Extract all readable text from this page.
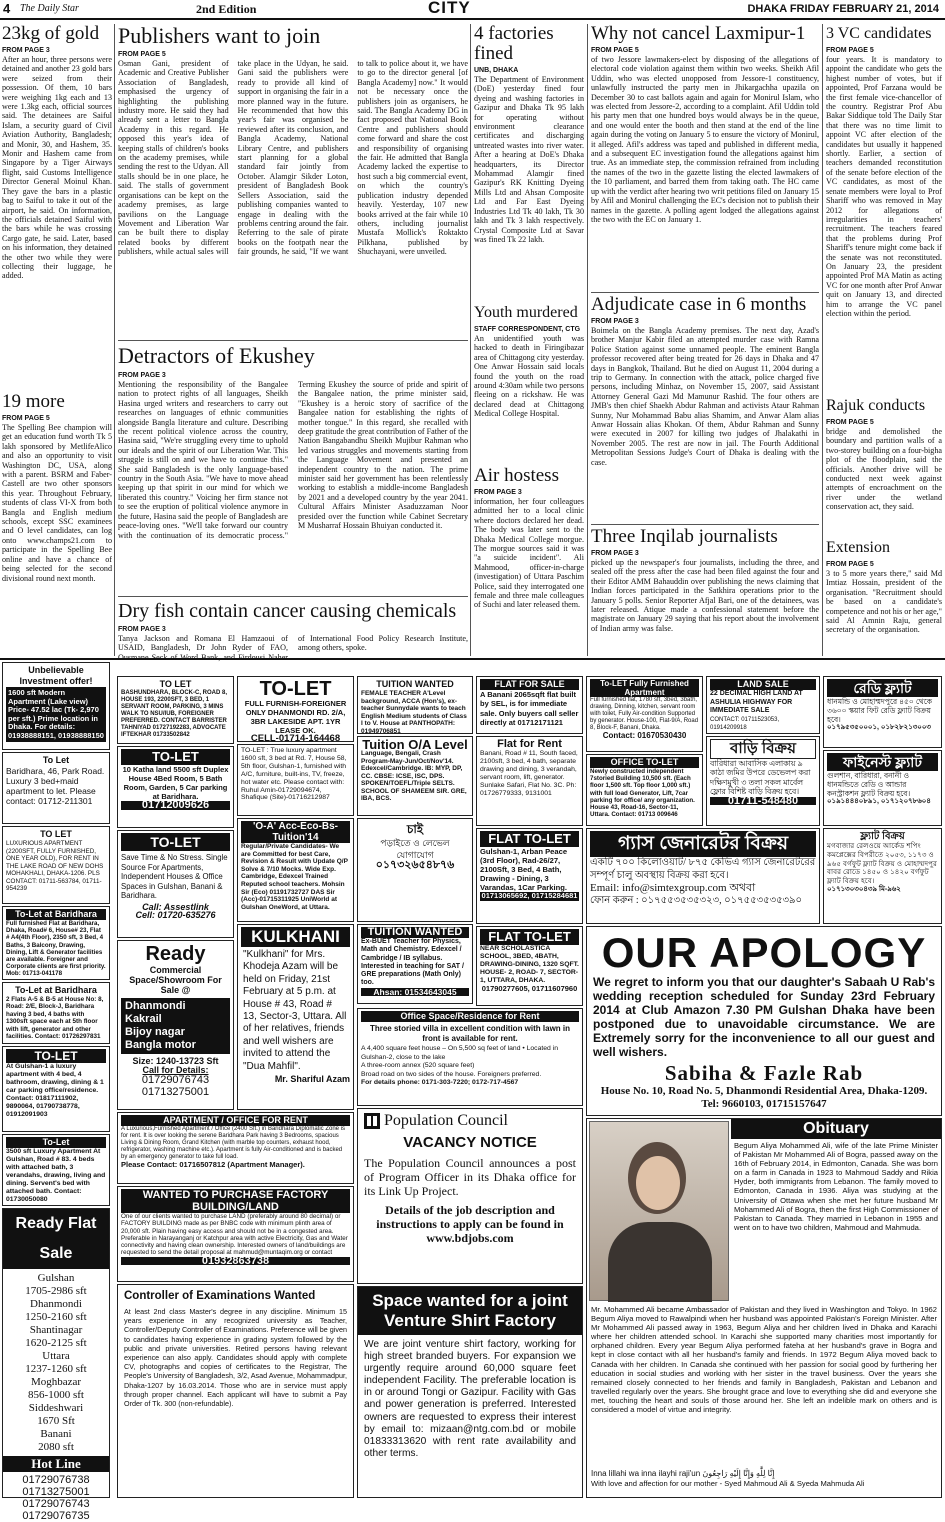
4 The Daily Star	2nd Edition	CITY	DHAKA FRIDAY FEBRUARY 21, 2014
23kg of gold
FROM PAGE 3
After an hour, three persons were detained and another 23 gold bars were seized from their possession. Of them, 10 bars were weighing 1kg each and 13 were 1.3kg each, official sources said. The detainees are Saiful Islam, a security guard of Civil Aviation Authority, Bangladesh; and Monir, 30, and Hashem, 35. Monir and Hashem came from Singapore by a Tiger Airways flight, said Customs Intelligence Director General Moinul Khan. They gave the bars in a plastic bag to Saiful to take it out of the airport, he said. On information, the officials detained Saiful with the bars while he was crossing Cargo gate, he said. Later, based on his information, they detained the other two while they were collecting their luggage, he added.
19 more
FROM PAGE 5
The Spelling Bee champion will get an education fund worth Tk 5 lakh sponsored by MetlifeAlico and also an opportunity to visit Washington DC, USA, along with a parent. BSRM and Faber-Castell are two other sponsors this year. Throughout February, students of class VI-X from both Bangla and English medium schools, except SSC examinees and O level candidates, can log onto www.champs21.com to participate in the Spelling Bee online and have a chance of being selected for the second divisional round next month.
Publishers want to join
FROM PAGE 5
Osman Gani, president of Academic and Creative Publisher Association of Bangladesh, emphasised the urgency of highlighting the publishing industry more. He said they had already sent a letter to Bangla Academy in this regard. He opposed this year's idea of keeping stalls of children's books on the academy premises, while sending the rest to the Udyan. All stalls should be in one place, he said. The stalls of government organisations can be kept on the academy premises, as large pavilions on the Language Movement and Liberation War can be built there to display related books by different publishers, while actual sales will take place in the Udyan, he said. Gani said the publishers were ready to provide all kind of support in organising the fair in a more planned way in the future. He recommended that how this year's fair was organised be reviewed after its conclusion, and Bangla Academy, National Library Centre, and publishers start planning for a global standard fair jointly from October. Alamgir Sikder Loton, president of Bangladesh Book Sellers Association, said the publishing companies wanted to engage in dealing with the problems centring around the fair. Referring to the sale of pirate books on the footpath near the fair grounds, he said, "If we want to talk to police about it, we have to go to the director general [of Bangla Academy] now." It would not be necessary once the publishers join as organisers, he said. The Bangla Academy DG in fact proposed that National Book Centre and publishers should come forward and share the cost and responsibility of organising the fair. He admitted that Bangla Academy lacked the expertise to host such a big commercial event, on which the country's publication industry depended heavily. Yesterday, 107 new books arrived at the fair while 10 others, including journalist Mustafa Mollick's Roktakto Pilkhana, published by Shuchayani, were unveiled.
Detractors of Ekushey
FROM PAGE 3
Mentioning the responsibility of the Bangalee nation to protect rights of all languages, Sheikh Hasina urged writers and researchers to carry out researches on languages of ethnic communities alongside Bangla literature and culture. Describing the recent political violence across the country, Hasina said, "We're struggling every time to uphold our ideals and the spirit of our Liberation War. This struggle is still on and we have to continue this." She said Bangladesh is the only language-based country in the South Asia. "We have to move ahead keeping up that spirit in our mind for which we liberated this country." Voicing her firm stance not to see the eruption of political violence anymore in the future, Hasina said the people of Bangladesh are peace-loving ones. "We'll take forward our country with the continuation of its democratic process." Terming Ekushey the source of pride and spirit of the Bangalee nation, the prime minister said, "Ekushey is a heroic story of sacrifice of the Bangalee nation for establishing the rights of mother tongue." In this regard, she recalled with deep gratitude the great contribution of Father of the Nation Bangabandhu Sheikh Mujibur Rahman who led various struggles and movements starting from the Language Movement and presented an independent country to the nation. The prime minister said her government has been relentlessly working to establish a middle-income Bangladesh by 2021 and a developed country by the year 2041. Cultural Affairs Minister Asaduzzaman Noor presided over the function while Cabinet Secretary M Musharraf Hossain Bhuiyan conducted it.
Dry fish contain cancer causing chemicals
FROM PAGE 3
Tanya Jackson and Romana El Hamzaoui of USAID, Bangladesh, Dr John Ryder of FAO, of International Food Policy Research Institute, among others, spoke.
4 factories fined
UNB, DHAKA
The Department of Environment (DoE) yesterday fined four dyeing and washing factories in Gazipur and Dhaka Tk 95 lakh for operating without environment clearance certificates and discharging untreated wastes into river water. After a hearing at DoE's Dhaka headquarters, its Director Mohammad Alamgir fined Gazipur's RK Knitting Dyeing Mills Ltd and Ahsan Composite Ltd and Far East Dyeing Industries Ltd Tk 40 lakh, Tk 30 lakh and Tk 3 lakh respectively. Crystal Composite Ltd at Savar was fined Tk 22 lakh.
Youth murdered
STAFF CORRESPONDENT, CTG
An unidentified youth was hacked to death in Firingibazar area of Chittagong city yesterday. One Anwar Hossain said locals found the youth on the road around 4:30am while two persons fleeing on a rickshaw. He was declared dead at Chittagong Medical College Hospital.
Air hostess
FROM PAGE 3
information, her four colleagues admitted her to a local clinic where doctors declared her dead. The body was later sent to the Dhaka Medical College morgue. The morgue sources said it was "a suicide incident". Ali Mahmood, officer-in-charge (investigation) of Uttara Paschim Police, said they interrogated one female and three male colleagues of Suchi and later released them.
Why not cancel Laxmipur-1
FROM PAGE 5
of two Jessore lawmakers-elect by disposing of the allegations of electoral code violation against them within two weeks. Sheikh Afil Uddin, who was elected unopposed from Jessore-1 constituency, unlawfully instructed the party men in Jhikargachha upazila on December 30 to cast ballots again and again for Monirul Islam, who was elected from Jessore-2, according to a complaint. Afil Uddin told his party men that one hundred boys would always be in the queue, and one would enter the booth and then stand at the end of the line again during the voting on January 5 to ensure the victory of Monirul, it alleged. Afil's address was taped and published in different media, and a subsequent EC investigation found the allegations against him true. As an immediate step, the commission refrained from including the names of the two in the gazette listing the elected lawmakers of the 10 parliament, and barred them from taking oath. The HC came up with the verdict after hearing two writ petitions filed on January 15 by Afil and Monirul challenging the EC's decision not to publish their names in the gazette. A polling agent lodged the allegations against the two with the EC on January 1.
Adjudicate case in 6 months
FROM PAGE 3
Boimela on the Bangla Academy premises. The next day, Azad's brother Manjur Kabir filed an attempted murder case with Ramna Police Station against some unnamed people. The eminent Bangla professor recovered after being treated for 26 days in Dhaka and 47 days in Bangkok, Thailand. But he died on August 11, 2004 during a trip to Germany. In connection with the attack, police charged five persons, including Minhaz, on November 15, 2007, said Assistant Attorney General Gazi Md Mamunur Rashid. The four others are JMB's then chief Shaekh Abdur Rahman and activists Ataur Rahman Sunny, Nur Mohammad Babu alias Shamim, and Anwar Alam alias Anwar Hossain alias Khokan. Of them, Abdur Rahman and Sunny were executed in 2007 for killing two judges of Jhalakathi in November 2005. The rest are now in jail. The Fourth Additional Metropolitan Sessions Judge's Court of Dhaka is dealing with the case.
Three Inqilab journalists
FROM PAGE 3
picked up the newspaper's four journalists, including the three, and sealed off the press after the case had been filed against the four and their Editor AMM Bahauddin over publishing the news claiming that Indian forces participated in the Satkhira operations prior to the January 5 polls. Senior Reporter Afjal Bari, one of the detainees, was later released. Atique made a confessional statement before the magistrate on January 29 saying that his report about the involvement of Indian army was false.
3 VC candidates
FROM PAGE 5
four years. It is mandatory to appoint the candidate who gets the highest number of votes, but if appointed, Prof Farzana would be the first female vice-chancellor of the country. Registrar Prof Abu Bakar Siddique told The Daily Star that there was no time limit to appoint VC after election of the candidates but usually it happened shortly. Earlier, a section of teachers demanded reconstitution of the senate before election of the VC candidates, as most of the senate members were loyal to Prof Shariff who was removed in May 2012 for allegations of irregularities in teachers' recruitment. The teachers feared that the problems during Prof Shariff's tenure might come back if the senate was not reconstituted. On January 23, the president appointed Prof MA Matin as acting VC for one month after Prof Anwar quit on January 13, and directed him to arrange the VC panel election within the period.
Rajuk conducts
FROM PAGE 5
bridge and demolished the boundary and partition walls of a two-storey building on a four-bigha plot of the floodplain, said the officials. Another drive will be conducted next week against attempts of encroachment on the river under the wetland conservation act, they said.
Extension
FROM PAGE 5
3 to 5 more years there," said Md Imtiaz Hossain, president of the organisation. "Recruitment should be based on a candidate's competence and not his or her age," said Al Amnin Raju, general secretary of the organisation.
Unbelievable Investment offer!
1600 sft Modern Apartment (Lake view) Price- 47.52 lac (Tk- 2,970 per sft.) Prime location in Dhaka. For details: 01938888151, 01938888150
To Let
Baridhara, 46, Park Road. Luxury 3 bed+maid apartment to let. Please contact: 01712-211301
TO LET
LUXURIOUS APARTMENT (2200SFT, FULLY FURNISHED, ONE YEAR OLD), FOR RENT IN THE LAKE ROAD OF NEW DOHS MOHAKHALI, DHAKA-1206. PLS CONTACT: 01711-563784, 01711-954239
To-Let at Baridhara
Full furnished Flat at Baridhara, Dhaka, Road# 6, House# 23, Flat # A4(4th Floor), 2350 sft, 3 Bed, 4 Baths, 3 Balcony, Drawing, Dining, Lift & Generator facilities are available. Foreigner and Corporate clients are first priority. Mob: 01713-041178
To-Let at Baridhara
2 Flats A-5 & B-5 at House No: 8, Road: 2/E, Block-J, Baridhara having 3 bed, 4 baths with 1300sft space each at 5th floor with lift, generator and other facilities. Contact: 01726297831
TO-LET
At Gulshan-1 a luxury apartment with 4 bed, 4 bathroom, drawing, dining & 1 car parking office/residence. Contact: 01817111902, 9890064, 01790738778, 01912091903
To-Let
3500 sft Luxury Apartment At Gulshan, Road # 83. 4 beds with attached bath, 3 verandahs, drawing, living and dining. Servent's bed with attached bath. Contact: 01730050080
Ready Flat Sale
Gulshan
1705-2986 sft
Dhanmondi
1250-2160 sft
Shantinagar
1620-2125 sft
Uttara
1237-1260 sft
Moghbazar
856-1000 sft
Siddeshwari
1670 Sft
Banani
2080 sft
Hot Line
01729076738
01713275001
01729076743
01729076735
TO LET
BASHUNDHARA, BLOCK-C, ROAD 8, HOUSE 193, 2200SFT, 3 BED, 1 SERVANT ROOM, PARKING, 3 MINS WALK TO NSU/IUB, FOREIGNER PREFERRED. CONTACT BARRISTER TAHNIYAD 01727192283, ADVOCATE IFTEKHAR 01733502842
TO-LET
10 Katha land 5500 sft Duplex House 4Bed Room, 5 Bath Room, Garden, 5 Car parking at Baridhara.
01712009626
TO-LET
Save Time & No Stress. Single Source For Apartments, Independent Houses & Office Spaces in Gulshan, Banani & Baridhara.
Call: Assestlink
Cell: 01720-635276
Ready
Commercial Space/Showroom For Sale @
Dhanmondi
Kakrail
Bijoy nagar
Bangla motor
Size: 1240-13723 Sft
Call for Details:
01729076743
01713275001
TO-LET
FULL FURNISH-FOREIGNER ONLY DHANMONDI RD. 2/A, 3BR LAKESIDE APT. 1YR LEASE OK.
CELL-01714-164468
TO-LET : True luxury apartment 1600 sft, 3 bed at Rd. 7, House 58, 5th floor, Gulshan-1, furnished with A/C, furniture, built-ins, TV, freeze, hot water etc. Please contact with: Ruhul Amin-01729094674, Shafique (Site)-01716212987
'O-A' Acc-Eco-Bs-Tuition'14
Regular/Private Candidates- We are Committed for best Care, Revision & Result with Update Q/P Solve & 7/10 Mocks. Wide Exp. Cambridge, Edexcel Trained Reputed school teachers. Mohsin Sir (Eco) 01191732727 DAS Sir (Acc)-01715311925 UniWorld at Gulshan OneWord, at Uttara.
KULKHANI
"Kulkhani" for Mrs. Khodeja Azam will be held on Friday, 21st February at 5 p.m. at House # 43, Road # 13, Sector-3, Uttara. All of her relatives, friends and well wishers are invited to attend the "Dua Mahfil".
Mr. Shariful Azam
TUITION WANTED
FEMALE TEACHER A'Level background, ACCA (Hon's), ex-teacher Sunnydale wants to teach English Medium students of Class I to V. House at PANTHOPATH: 01949706851
Tuition O/A Level
Language, Bengali, Crash Program-May-Jun/Oct/Nov'14. Edexcel/Cambridge. IB: MYP, DP, CC. CBSE: ICSE, ISC, DPS. SPOKEN/TOEFL/Triple SELTS. SCHOOL OF SHAMEEM SIR. GRE, IBA, BCS.
চাই
পড়াইতে ও লেভেল যোগাযোগ
০১৭৩২৬৫৪৮৭৬
TUITION WANTED
Ex-BUET Teacher for Physics, Math and Chemistry. Edexcel / Cambridge / IB syllabus. Interested in teaching for SAT / GRE preparations (Math Only) too.
Ahsan: 01534643045
FLAT FOR SALE
A Banani 2065sqft flat built by SEL, is for immediate sale. Only buyers call seller directly at 01712171121
Flat for Rent
Banani, Road # 11, South faced, 2100sft, 3 bed, 4 bath, separate drawing and dining, 3 verandah, servant room, lift, generator. Sunlake Safari, Flat No. 3C. Ph: 01726779333, 9131001
FLAT TO-LET
Gulshan-1, Arban Peace (3rd Floor), Rad-26/27, 2100Sft, 3 Bed, 4 Bath, Drawing - Dining, 3 Varandas, 1Car Parking.
01713065692, 01715284681
FLAT TO-LET
NEAR SCHOLASTICA SCHOOL, 3BED, 4BATH, DRAWING-DINING, 1320 SQFT. HOUSE- 2, ROAD- 7, SECTOR- 1, UTTARA, DHAKA.
01790277605, 01711607960
To-LET Fully Furnished Apartment
Full furnished flat, 1780 sft, 3bed, 3bath, drawing, Dinning, kitchen, servant room with toilet, Fully Air-condition Supported by generator. House-100, Flat-9/A, Road 8, Block-F, Banani, Dhaka.
Contact: 01670530430
OFFICE TO-LET
Newly constructed independent 7storied Building 10,500 sft. (Each floor 1,500 sft. Top floor 1,000 sft.) with full load Generator, Lift, 7car parking for office/ any organization. House 43, Road-16, Sector-11, Uttara. Contact: 01713 009646
LAND SALE
22 DECIMAL HIGH LAND AT ASHULIA HIGHWAY FOR IMMEDIATE SALE
CONTACT: 01711523053, 01914209918
বাড়ি বিক্রয়
বারিধারা আবাসিক এলাকায় ৯ কাঠা জমির উপরে ডেভেলপ করা দক্ষিণমুখী ৩ তলা সকল মার্বেল ফ্লোর বিশিষ্ট বাড়ি বিক্রয় হবে।
01711-548480
রেডি ফ্ল্যাট
ধানমন্ডি ও মোহাম্মদপুরে ৪৫০ থেকে ৩৬০০ স্কয়ার ফিট রেডি ফ্ল্যাট বিক্রয় হবে।
০১৭৯৫৩৫০০০১, ০১৮২৮২১৩০০৩
ফাইনেস্ট ফ্ল্যাট
গুলশান, বারিধারা, বনানী ও ধানমন্ডিতে রেডি ও আন্ডার কনস্ট্রাকশন ফ্ল্যাট বিক্রয় হবে।
০১৯১৪৪৪০৮৯১, ০১৭১২০৭৮৬০৪
ফ্ল্যাট বিক্রয়
মগবাজার রেলওয়ে আর্কেড শপিং কমপ্লেক্সের বিপরীতে ২০৫৩, ১১৭৩ ও ৯৬৫ বর্গফুট ফ্ল্যাট বিক্রয় ও মোহাম্মদপুর বাবর রোডে ১৪৫০ ও ১৪২০ বর্গফুট ফ্ল্যাট বিক্রয় হবে।
০১৭১৩০৩০৪৩৯ মি-৯৬২
গ্যাস জেনারেটর বিক্রয়
একটি ৭০০ কিলোওয়াট/ ৮৭৫ কেভিএ গ্যাস জেনারেটরের সম্পূর্ণ চালু অবস্থায় বিক্রয় করা হবে।
Email: info@simtexgroup.com অথবা
ফোন করুন : ০১৭৫৫৩৫৩৫৩২৩, ০১৭৫৫৩৫৩৫৩৯০
OUR APOLOGY
We regret to inform you that our daughter's Sabaah U Rab's wedding reception scheduled for Sunday 23rd February 2014 at Club Amazon 7.30 PM Gulshan Dhaka have been postponed due to unavoidable circumstance. We are Extremely sorry for the inconvenience to all our guest and well wishers.
Sabiha & Fazle Rab
House No. 10, Road No. 5, Dhanmondi Residential Area, Dhaka-1209. Tel: 9660103, 01715157647
Office Space/Residence for Rent
Three storied villa in excellent condition with lawn in front is available for rent.
A 4,400 square feet house – On 5,500 sq feet of land • Located in Gulshan-2, close to the lake
A three-room annex (520 square feet)
Broad road on two sides of the house. Foreigners preferred.
For details phone: 0171-303-7220; 0172-717-4567
Population Council
VACANCY NOTICE
The Population Council announces a post of Program Officer in its Dhaka office for its Link Up Project.
Details of the job description and instructions to apply can be found in www.bdjobs.com
Space wanted for a joint Venture Shirt Factory
We are joint venture shirt factory, working for high street branded buyers. For expansion we urgently require around 60,000 square feet independent Facility. The preferable location is in or around Tongi or Gazipur. Facility with Gas and power generation is preferred. Interested owners are requested to express their interest by email to: mizaan@ntg.com.bd or mobile 01833313620 with rent rate availability and other terms.
APARTMENT / OFFICE FOR RENT
A Luxurious,Furnished Apartment / Office (2400 Sft.) in Baridhara Diplomatic Zone is for rent. It is over looking the serene Baridhara Park having 3 Bedrooms, spacious Living & Dining Room, Grand Kitchen (with marble top counters, exhaust hood, refrigerator, washing machine etc.). Apartment is fully Air-conditioned and is backed by an emergency generator to take full load.
Please Contact: 01716507812 (Apartment Manager).
WANTED TO PURCHASE FACTORY BUILDING/LAND
One of our clients wanted to purchase LAND (preferably around 80 decimal) or FACTORY BUILDING made as per BNBC code with minimum plinth area of 20,000 sft. Plain having easy access and should not be in a congested area. Preferable in Narayanganj or Katchpur area with active Electricity, Gas and Water connectivity and having clean ownership. Interested owners of land/buildings are requested to send the detail proposal at mahmud@muntaqim.org or contact
01932863738
Controller of Examinations Wanted
At least 2nd class Master's degree in any discipline. Minimum 15 years experience in any recognized university as Teacher, Controller/Deputy Controller of Examinations. Preference will be given to candidates having experience in grading system followed by the public and private universities. Retired persons having relevant experience can also apply. Candidates should apply with complete CV, photographs and copies of certificates to the Registrar, The People's University of Bangladesh, 3/2, Asad Avenue, Mohammadpur, Dhaka-1207 by 16.03.2014. Those who are in service must apply through proper channel. Each applicant will have to submit a Pay Order of Tk. 300 (non-refundable).
Obituary
Begum Aliya Mohammed Ali, wife of the late Prime Minister of Pakistan Mr Mohammed Ali of Bogra, passed away on the 16th of February 2014, in Edmonton, Canada. She was born on a farm in Canada in 1923 to Mahmoud Saddy and Rikia Hyder, both immigrants from Lebanon. The family moved to Edmonton, Canada in 1936. Aliya was studying at the University of Ottawa when she met her future husband Mr Mohammed Ali of Bogra, then the first High Commissioner of Pakistan to Canada. They married in Lebanon in 1955 and went on to have two children, Mahmoud and Mahmuda.
Mr. Mohammed Ali became Ambassador of Pakistan and they lived in Washington and Tokyo. In 1962 Begum Aliya moved to Rawalpindi when her husband was appointed Pakistan's Foreign Minister. After Mr Mohammed Ali passed away in 1963, Begum Aliya and her children lived in Dhaka and Karachi where her children attended school. In Karachi she supported many charities most importantly for orphaned children. Every year Begum Aliya performed fateha at her husband's grave in Bogra and kept in close contact with all her husband's family and friends. In 1972 Begum Aliya moved back to Canada with her children. In Canada she continued with her passion for social good by furthering her education in social studies and working with her sister in the travel business. Over the years she remained closely connected to her friends and family in Bangladesh, Pakistan and Lebanon and travelled regularly over the years. She brought grace and love to everything she did and everyone she met, touching the heart and souls of those around her. She left an indelible mark on others and is considered a model of virtue and integrity.
Inna lillahi wa inna ilayhi raji'un إِنَّا لِلَّٰهِ وَإِنَّا إِلَيْهِ رَاجِعُونَ
With love and affection for our mother - Syed Mahmoud Ali & Syeda Mahmuda Ali
